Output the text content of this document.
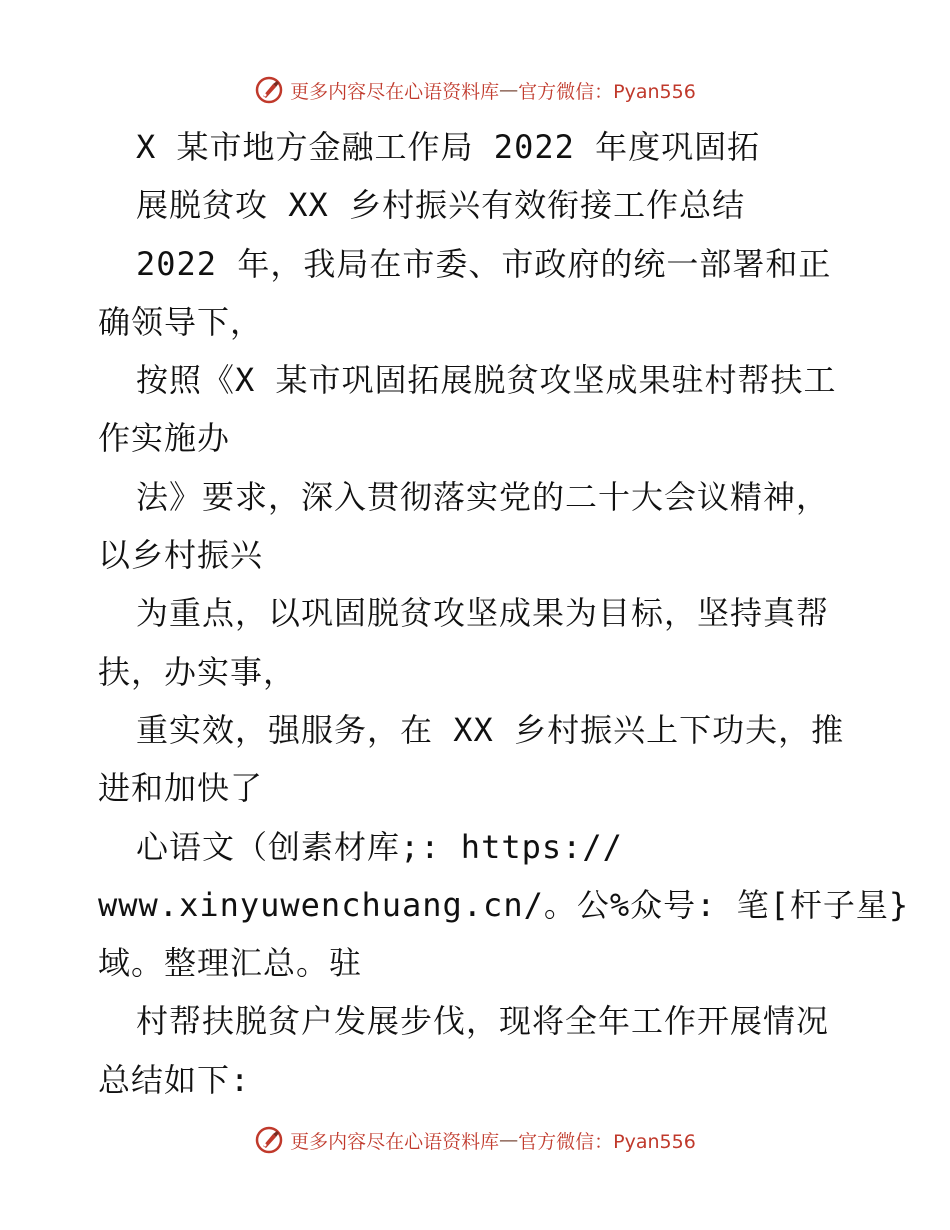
更多内容尽在心语资料库 — 官方微信：Pyan556
X 某市地方金融工作局 2022 年度巩固拓
展脱贫攻 XX 乡村振兴有效衔接工作总结
2022 年，我局在市委、市政府的统一部署和正
确领导下，
按照《X 某市巩固拓展脱贫攻坚成果驻村帮扶工
作实施办
法》要求，深入贯彻落实党的二十大会议精神，
以乡村振兴
为重点，以巩固脱贫攻坚成果为目标，坚持真帮
扶，办实事，
重实效，强服务，在 XX 乡村振兴上下功夫，推
进和加快了
心语文（创素材库;: https://
www.xinyuwenchuang.cn/。公%众号: 笔[杆子星}
域。整理汇总。驻
村帮扶脱贫户发展步伐，现将全年工作开展情况
总结如下:
更多内容尽在心语资料库 — 官方微信：Pyan556
